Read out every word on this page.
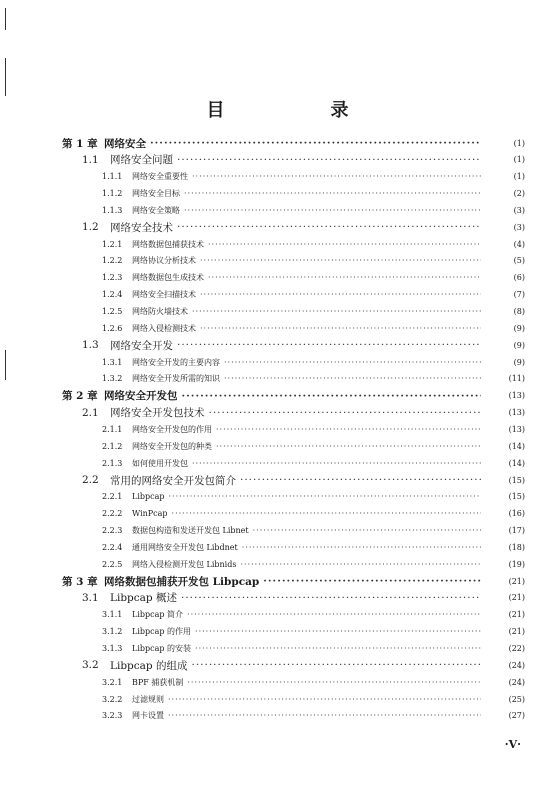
目　录
第 1 章 网络安全 ·····	(1)
1.1	网络安全问题 ·····	(1)
1.1.1	网络安全重要性 ·····	(1)
1.1.2	网络安全目标 ·····	(2)
1.1.3	网络安全策略 ·····	(3)
1.2	网络安全技术 ·····	(3)
1.2.1	网络数据包捕获技术 ·····	(4)
1.2.2	网络协议分析技术 ·····	(5)
1.2.3	网络数据包生成技术 ·····	(6)
1.2.4	网络安全扫描技术 ·····	(7)
1.2.5	网络防火墙技术 ·····	(8)
1.2.6	网络入侵检测技术 ·····	(9)
1.3	网络安全开发 ·····	(9)
1.3.1	网络安全开发的主要内容 ·····	(9)
1.3.2	网络安全开发所需的知识 ·····	(11)
第 2 章 网络安全开发包 ·····	(13)
2.1	网络安全开发包技术 ·····	(13)
2.1.1	网络安全开发包的作用 ·····	(13)
2.1.2	网络安全开发包的种类 ·····	(14)
2.1.3	如何使用开发包 ·····	(14)
2.2	常用的网络安全开发包简介 ·····	(15)
2.2.1	Libpcap ·····	(15)
2.2.2	WinPcap ·····	(16)
2.2.3	数据包构造和发送开发包 Libnet ·····	(17)
2.2.4	通用网络安全开发包 Libdnet ·····	(18)
2.2.5	网络入侵检测开发包 Libnids ·····	(19)
第 3 章 网络数据包捕获开发包 Libpcap ·····	(21)
3.1	Libpcap 概述 ·····	(21)
3.1.1	Libpcap 简介 ·····	(21)
3.1.2	Libpcap 的作用 ·····	(21)
3.1.3	Libpcap 的安装 ·····	(22)
3.2	Libpcap 的组成 ·····	(24)
3.2.1	BPF 捕获机制 ·····	(24)
3.2.2	过滤规则 ·····	(25)
3.2.3	网卡设置 ·····	(27)
·V·
